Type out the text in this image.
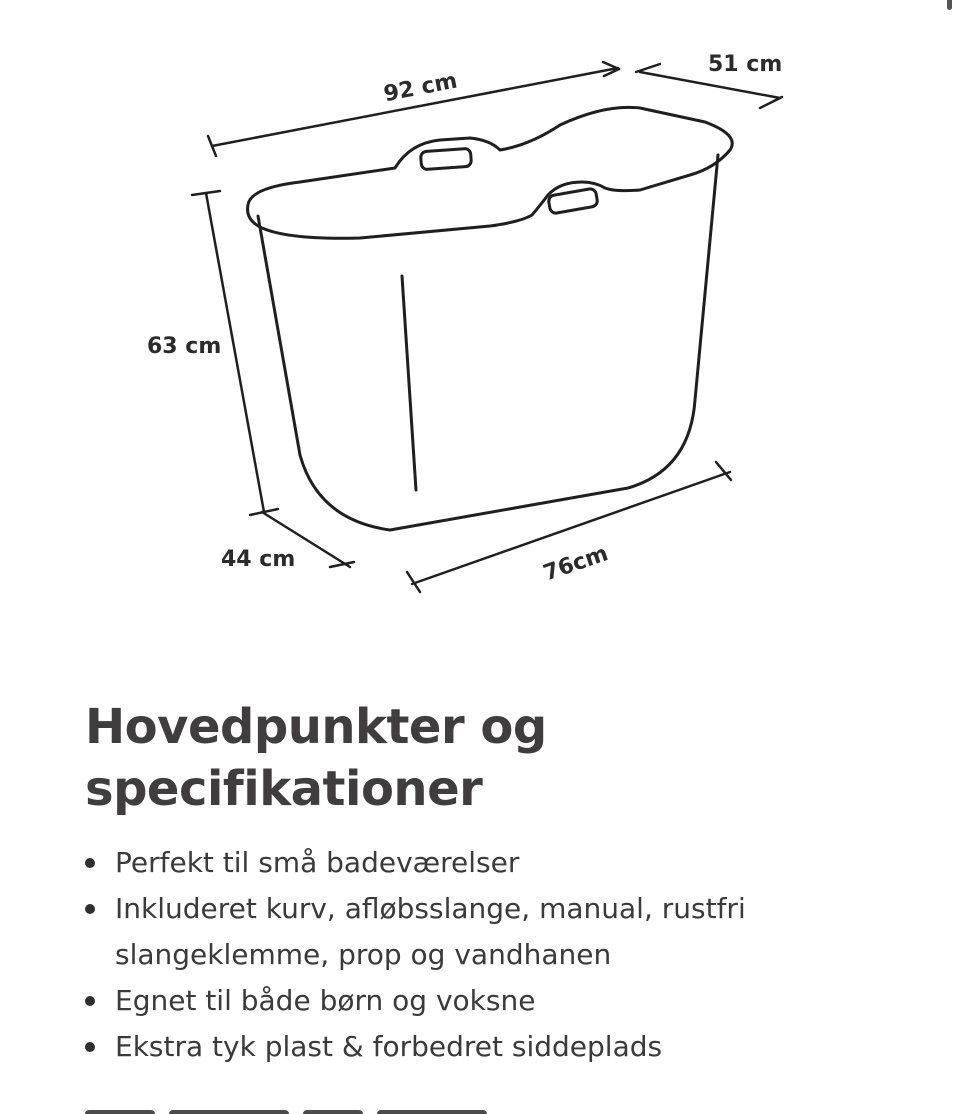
92 cm
51 cm
63 cm
44 cm	76cm
Hovedpunkter og
specifikationer
Perfekt til små badeværelser
Inkluderet kurv, afløbsslange, manual, rustfri slangeklemme, prop og vandhanen
Egnet til både børn og voksne
Ekstra tyk plast & forbedret siddeplads
